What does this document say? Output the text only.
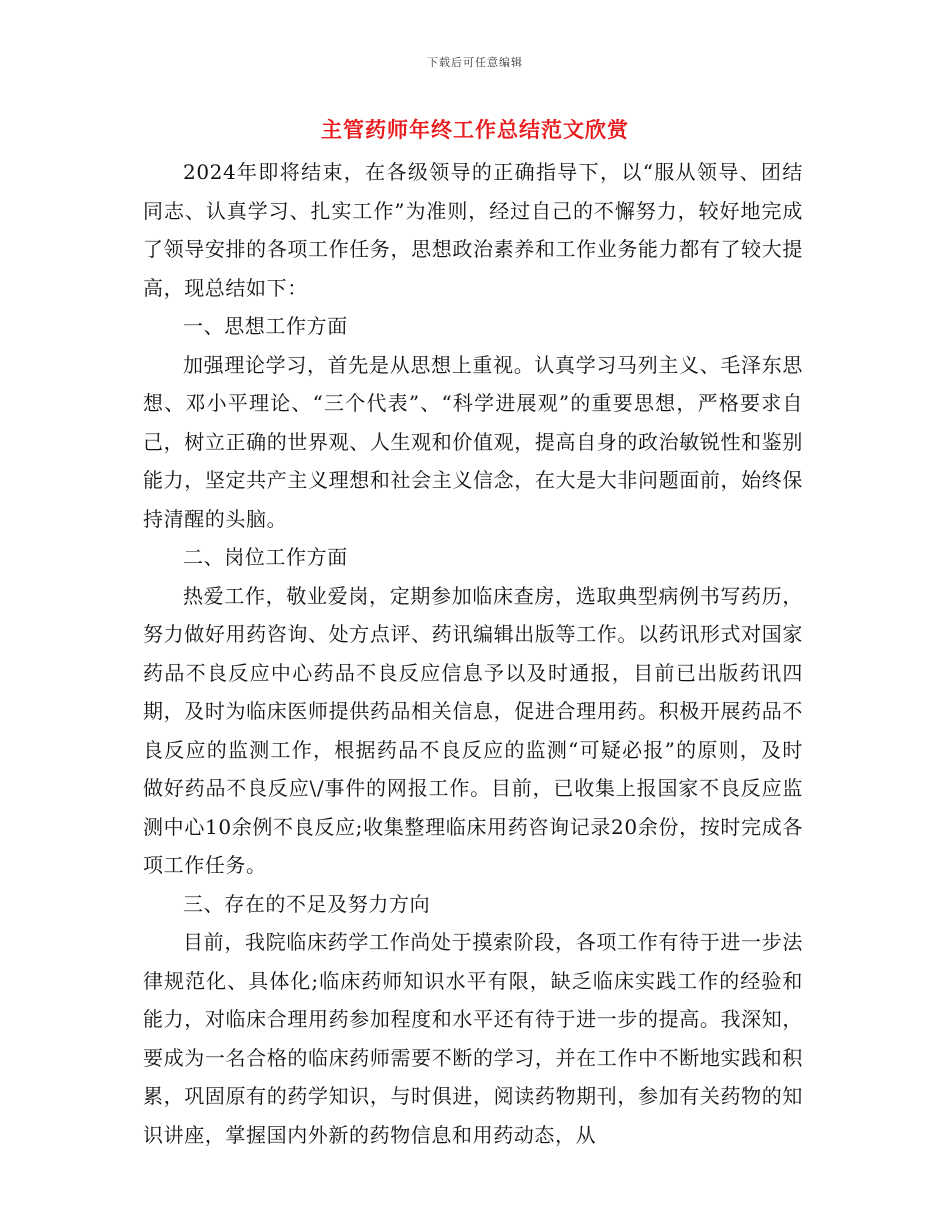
下载后可任意编辑
主管药师年终工作总结范文欣赏

2024年即将结束，在各级领导的正确指导下，以“服从领导、团结同志、认真学习、扎实工作”为准则，经过自己的不懈努力，较好地完成了领导安排的各项工作任务，思想政治素养和工作业务能力都有了较大提高，现总结如下：

一、思想工作方面

加强理论学习，首先是从思想上重视。认真学习马列主义、毛泽东思想、邓小平理论、“三个代表”、“科学进展观”的重要思想，严格要求自己，树立正确的世界观、人生观和价值观，提高自身的政治敏锐性和鉴别能力，坚定共产主义理想和社会主义信念，在大是大非问题面前，始终保持清醒的头脑。

二、岗位工作方面

热爱工作，敬业爱岗，定期参加临床查房，选取典型病例书写药历，努力做好用药咨询、处方点评、药讯编辑出版等工作。以药讯形式对国家药品不良反应中心药品不良反应信息予以及时通报，目前已出版药讯四期，及时为临床医师提供药品相关信息，促进合理用药。积极开展药品不良反应的监测工作，根据药品不良反应的监测“可疑必报”的原则，及时做好药品不良反应\/事件的网报工作。目前，已收集上报国家不良反应监测中心10余例不良反应;收集整理临床用药咨询记录20余份，按时完成各项工作任务。

三、存在的不足及努力方向

目前，我院临床药学工作尚处于摸索阶段，各项工作有待于进一步法律规范化、具体化;临床药师知识水平有限，缺乏临床实践工作的经验和能力，对临床合理用药参加程度和水平还有待于进一步的提高。我深知，要成为一名合格的临床药师需要不断的学习，并在工作中不断地实践和积累，巩固原有的药学知识，与时俱进，阅读药物期刊，参加有关药物的知识讲座，掌握国内外新的药物信息和用药动态，从
